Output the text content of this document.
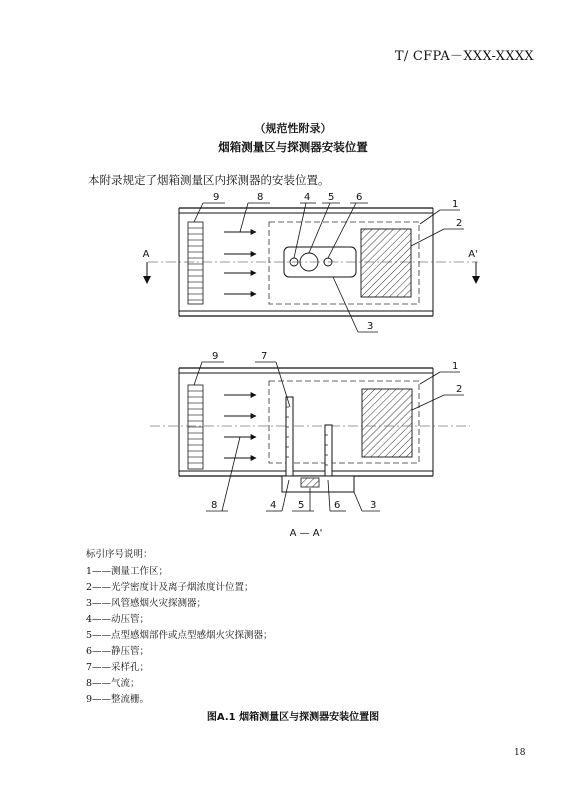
T/ CFPA－XXX-XXXX
（规范性附录）
烟箱测量区与探测器安装位置
本附录规定了烟箱测量区内探测器的安装位置。
A	A'
9	8	4 5 6
1
2
3
9	7
1
2
8	4 5	6	3
A — A'
标引序号说明：
1——测量工作区；
2——光学密度计及离子烟浓度计位置；
3——风管感烟火灾探测器；
4——动压管；
5——点型感烟部件或点型感烟火灾探测器；
6——静压管；
7——采样孔；
8——气流；
9——整流栅。
图A.1 烟箱测量区与探测器安装位置图
18
